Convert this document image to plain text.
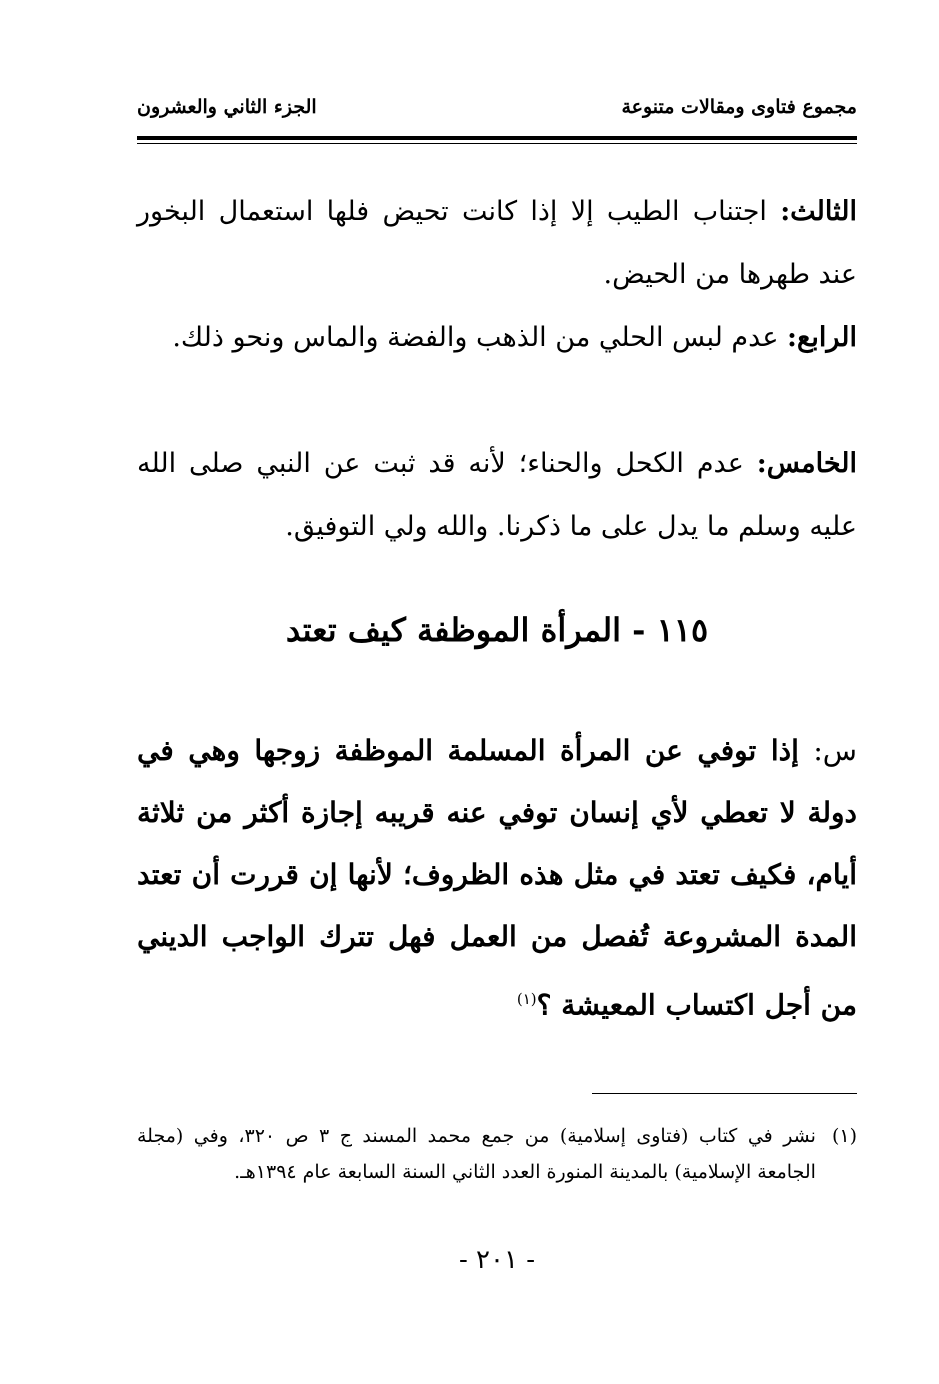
مجموع فتاوى ومقالات متنوعة
الجزء الثاني والعشرون
الثالث: اجتناب الطيب إلا إذا كانت تحيض فلها استعمال البخور عند طهرها من الحيض.
الرابع: عدم لبس الحلي من الذهب والفضة والماس ونحو ذلك.
الخامس: عدم الكحل والحناء؛ لأنه قد ثبت عن النبي صلى الله عليه وسلم ما يدل على ما ذكرنا. والله ولي التوفيق.
١١٥ - المرأة الموظفة كيف تعتد
س: إذا توفي عن المرأة المسلمة الموظفة زوجها وهي في دولة لا تعطي لأي إنسان توفي عنه قريبه إجازة أكثر من ثلاثة أيام، فكيف تعتد في مثل هذه الظروف؛ لأنها إن قررت أن تعتد المدة المشروعة تُفصل من العمل فهل تترك الواجب الديني من أجل اكتساب المعيشة ؟$^{(١)}$
(١)
نشر في كتاب (فتاوى إسلامية) من جمع محمد المسند ج ٣ ص ٣٢٠، وفي (مجلة الجامعة الإسلامية) بالمدينة المنورة العدد الثاني السنة السابعة عام ١٣٩٤هـ.
- ٢٠١ -
